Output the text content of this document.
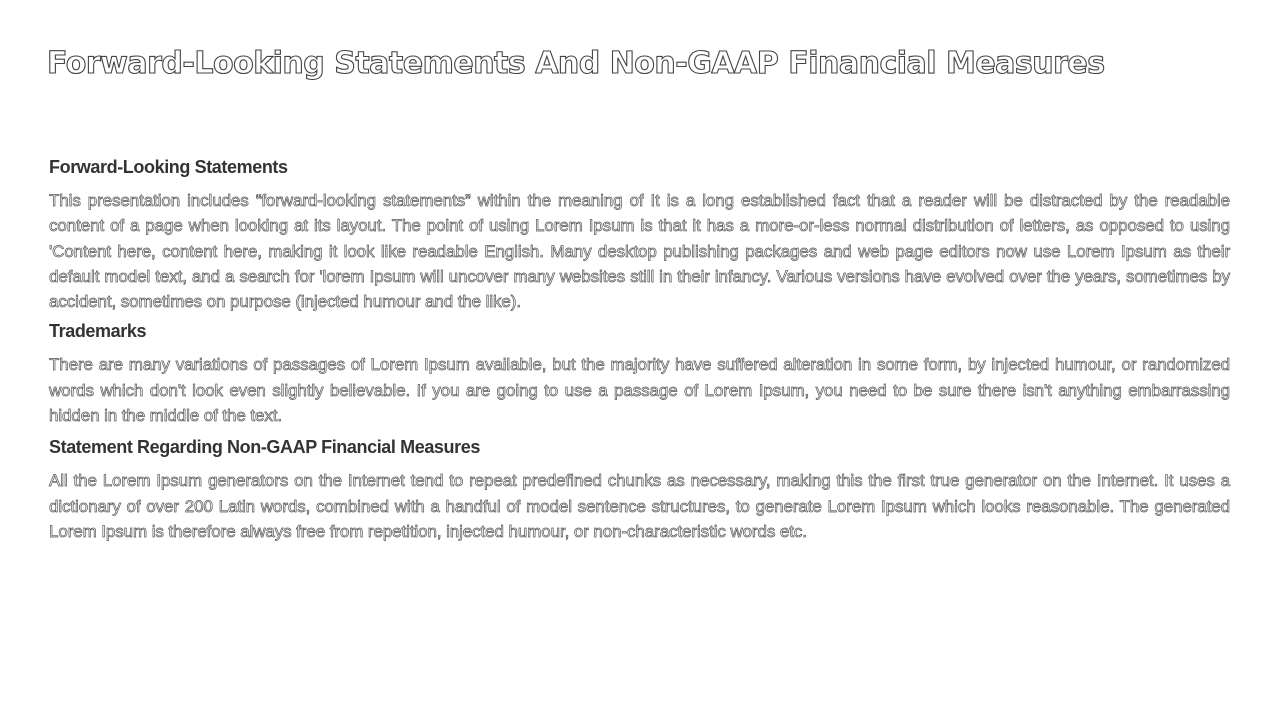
Forward-Looking Statements And Non-GAAP Financial Measures
Forward-Looking Statements

This presentation includes “forward-looking statements” within the meaning of It is a long established fact that a reader will be distracted by the readable content of a page when looking at its layout. The point of using Lorem Ipsum is that it has a more-or-less normal distribution of letters, as opposed to using 'Content here, content here, making it look like readable English. Many desktop publishing packages and web page editors now use Lorem Ipsum as their default model text, and a search for 'lorem Ipsum will uncover many websites still in their infancy. Various versions have evolved over the years, sometimes by accident, sometimes on purpose (injected humour and the like).

Trademarks

There are many variations of passages of Lorem Ipsum available, but the majority have suffered alteration in some form, by injected humour, or randomized words which don't look even slightly believable. If you are going to use a passage of Lorem Ipsum, you need to be sure there isn't anything embarrassing hidden in the middle of the text.

Statement Regarding Non-GAAP Financial Measures

All the Lorem Ipsum generators on the Internet tend to repeat predefined chunks as necessary, making this the first true generator on the Internet. It uses a dictionary of over 200 Latin words, combined with a handful of model sentence structures, to generate Lorem Ipsum which looks reasonable. The generated Lorem Ipsum is therefore always free from repetition, injected humour, or non-characteristic words etc.
